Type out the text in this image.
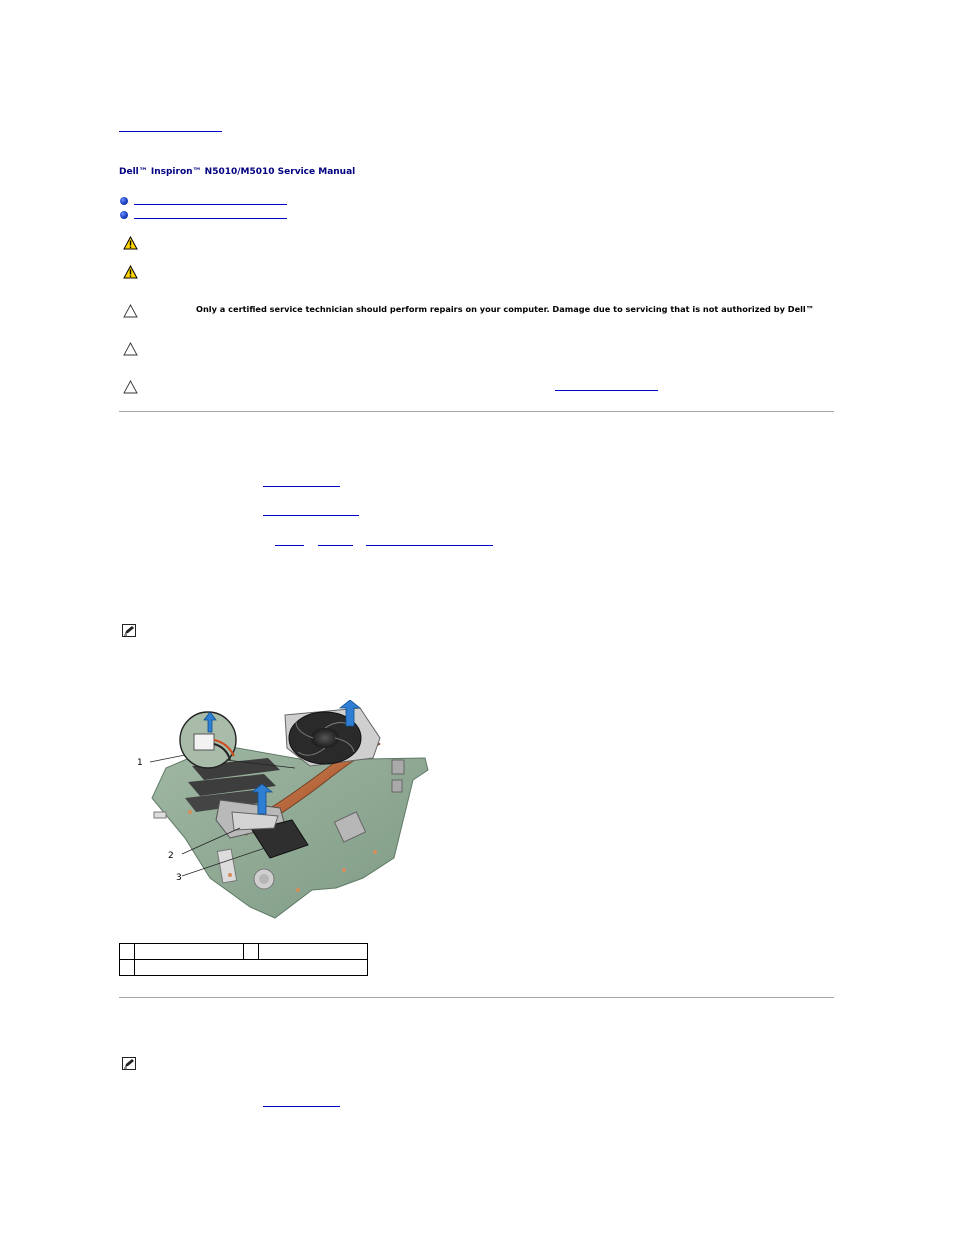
Dell™ Inspiron™ N5010/M5010 Service Manual
Only a certified service technician should perform repairs on your computer. Damage due to servicing that is not authorized by Dell™
1
2
3
